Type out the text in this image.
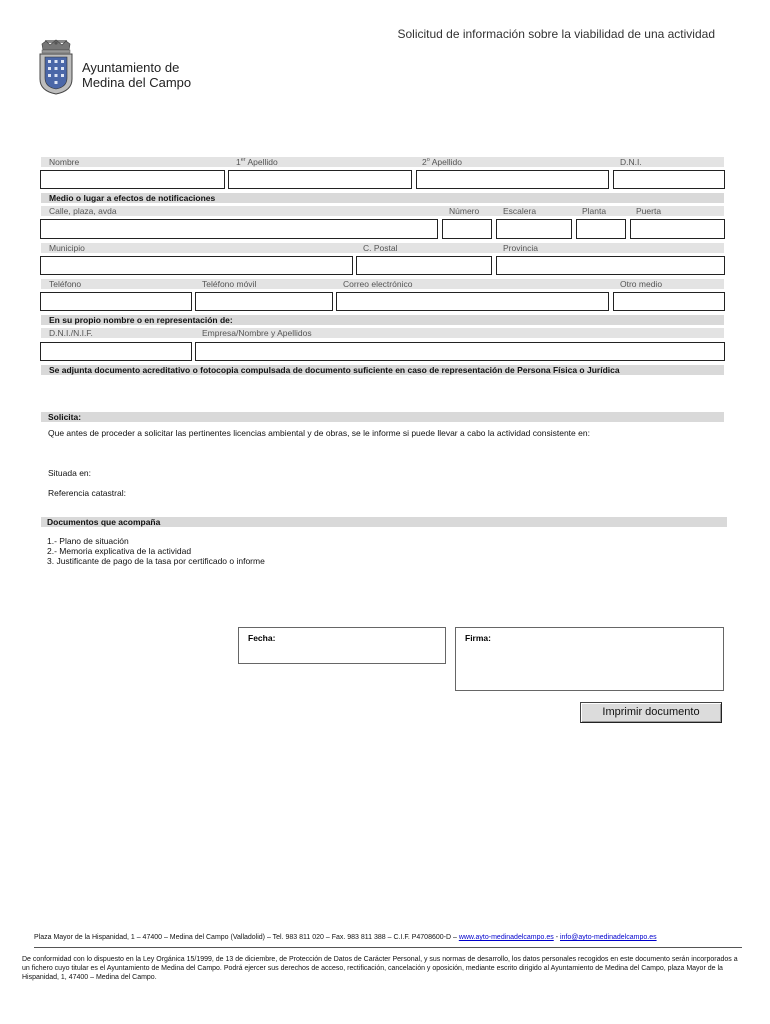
Solicitud de información sobre la viabilidad de una actividad
Ayuntamiento de
Medina del Campo
Nombre	1er Apellido	2$^o$ Apellido	D.N.I.
Medio o lugar a efectos de notificaciones
Calle, plaza, avda	Número	Escalera	Planta	Puerta
Municipio	C. Postal	Provincia
Teléfono	Teléfono móvil	Correo electrónico	Otro medio
En su propio nombre o en representación de:
D.N.I./N.I.F.	Empresa/Nombre y Apellidos
Se adjunta documento acreditativo o fotocopia compulsada de documento suficiente en caso de representación de Persona Física o Jurídica
Solicita:
Que antes de proceder a solicitar las pertinentes licencias ambiental y de obras, se le informe si puede llevar a cabo la actividad consistente en:
Situada en:
Referencia catastral:
Documentos que acompaña
1.- Plano de situación
2.- Memoria explicativa de la actividad
3. Justificante de pago de la tasa por certificado o informe
Fecha:	Firma:
Imprimir documento
Plaza Mayor de la Hispanidad, 1 – 47400 – Medina del Campo (Valladolid) – Tel. 983 811 020 – Fax. 983 811 388 – C.I.F. P4708600-D – www.ayto-medinadelcampo.es - info@ayto-medinadelcampo.es
De conformidad con lo dispuesto en la Ley Orgánica 15/1999, de 13 de diciembre, de Protección de Datos de Carácter Personal, y sus normas de desarrollo, los datos personales recogidos en este documento serán incorporados a un fichero cuyo titular es el Ayuntamiento de Medina del Campo. Podrá ejercer sus derechos de acceso, rectificación, cancelación y oposición, mediante escrito dirigido al Ayuntamiento de Medina del Campo, plaza Mayor de la Hispanidad, 1, 47400 – Medina del Campo.
